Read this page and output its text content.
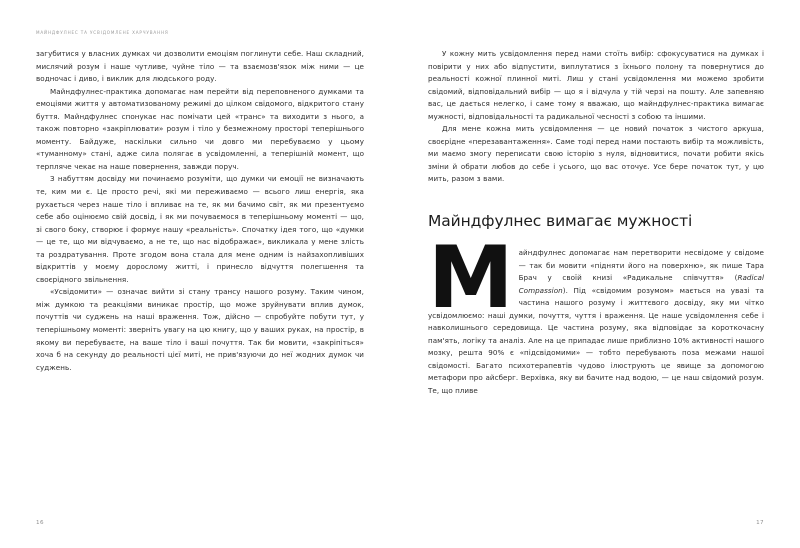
МАЙНДФУЛНЕС ТА УСВІДОМЛЕНЕ ХАРЧУВАННЯ

загубитися у власних думках чи дозволити емоціям поглинути себе. Наш складний, мислячий розум і наше чутливе, чуйне тіло — та взаємозв'язок між ними — це водночас і диво, і виклик для людського роду.

Майндфулнес-практика допомагає нам перейти від переповненого думками та емоціями життя у автоматизованому режимі до цілком свідомого, відкритого стану буття. Майндфулнес спонукає нас помічати цей «транс» та виходити з нього, а також повторно «закріплювати» розум і тіло у безмежному просторі теперішнього моменту. Байдуже, наскільки сильно чи довго ми перебуваємо у цьому «туманному» стані, адже сила полягає в усвідомленні, а теперішній момент, що терпляче чекає на наше повернення, завжди поруч.

З набуттям досвіду ми починаємо розуміти, що думки чи емоції не визначають те, ким ми є. Це просто речі, які ми переживаємо — всього лиш енергія, яка рухається через наше тіло і впливає на те, як ми бачимо світ, як ми презентуємо себе або оцінюємо свій досвід, і як ми почуваємося в теперішньому моменті — що, зі свого боку, створює і формує нашу «реальність». Спочатку ідея того, що «думки — це те, що ми відчуваємо, а не те, що нас відображає», викликала у мене злість та роздратування. Проте згодом вона стала для мене одним із найзахопливіших відкриттів у моєму дорослому житті, і принесло відчуття полегшення та своєрідного звільнення.

«Усвідомити» — означає вийти зі стану трансу нашого розуму. Таким чином, між думкою та реакціями виникає простір, що може зруйнувати вплив думок, почуттів чи суджень на наші враження. Тож, дійсно — спробуйте побути тут, у теперішньому моменті: зверніть увагу на цю книгу, що у ваших руках, на простір, в якому ви перебуваєте, на ваше тіло і ваші почуття. Так би мовити, «закріпіться» хоча б на секунду до реальності цієї миті, не прив'язуючи до неї жодних думок чи суджень.

16

У кожну мить усвідомлення перед нами стоїть вибір: сфокусуватися на думках і повірити у них або відпустити, виплутатися з їхнього полону та повернутися до реальності кожної плинної миті. Лиш у стані усвідомлення ми можемо зробити свідомий, відповідальний вибір — що я і відчула у тій черзі на пошту. Але запевняю вас, це дається нелегко, і саме тому я вважаю, що майндфулнес-практика вимагає мужності, відповідальності та радикальної чесності з собою та іншими.

Для мене кожна мить усвідомлення — це новий початок з чистого аркуша, своєрідне «перезавантаження». Саме тоді перед нами постають вибір та можливість, ми маємо змогу переписати свою історію з нуля, відновитися, почати робити якісь зміни й обрати любов до себе і усього, що вас оточує. Усе бере початок тут, у цю мить, разом з вами.

Майндфулнес вимагає мужності

Майндфулнес допомагає нам перетворити несвідоме у свідоме — так би мовити «підняти його на поверхню», як пише Тара Брач у своїй книзі «Радикальне співчуття» (Radical Compassion). Під «свідомим розумом» мається на увазі та частина нашого розуму і життєвого досвіду, яку ми чітко усвідомлюємо: наші думки, почуття, чуття і враження. Це наше усвідомлення себе і навколишнього середовища. Це частина розуму, яка відповідає за короткочасну пам'ять, логіку та аналіз. Але на це припадає лише приблизно 10% активності нашого мозку, решта 90% є «підсвідомими» — тобто перебувають поза межами нашої свідомості. Багато психотерапевтів чудово ілюструють це явище за допомогою метафори про айсберг. Верхівка, яку ви бачите над водою, — це наш свідомий розум. Те, що пливе

17
